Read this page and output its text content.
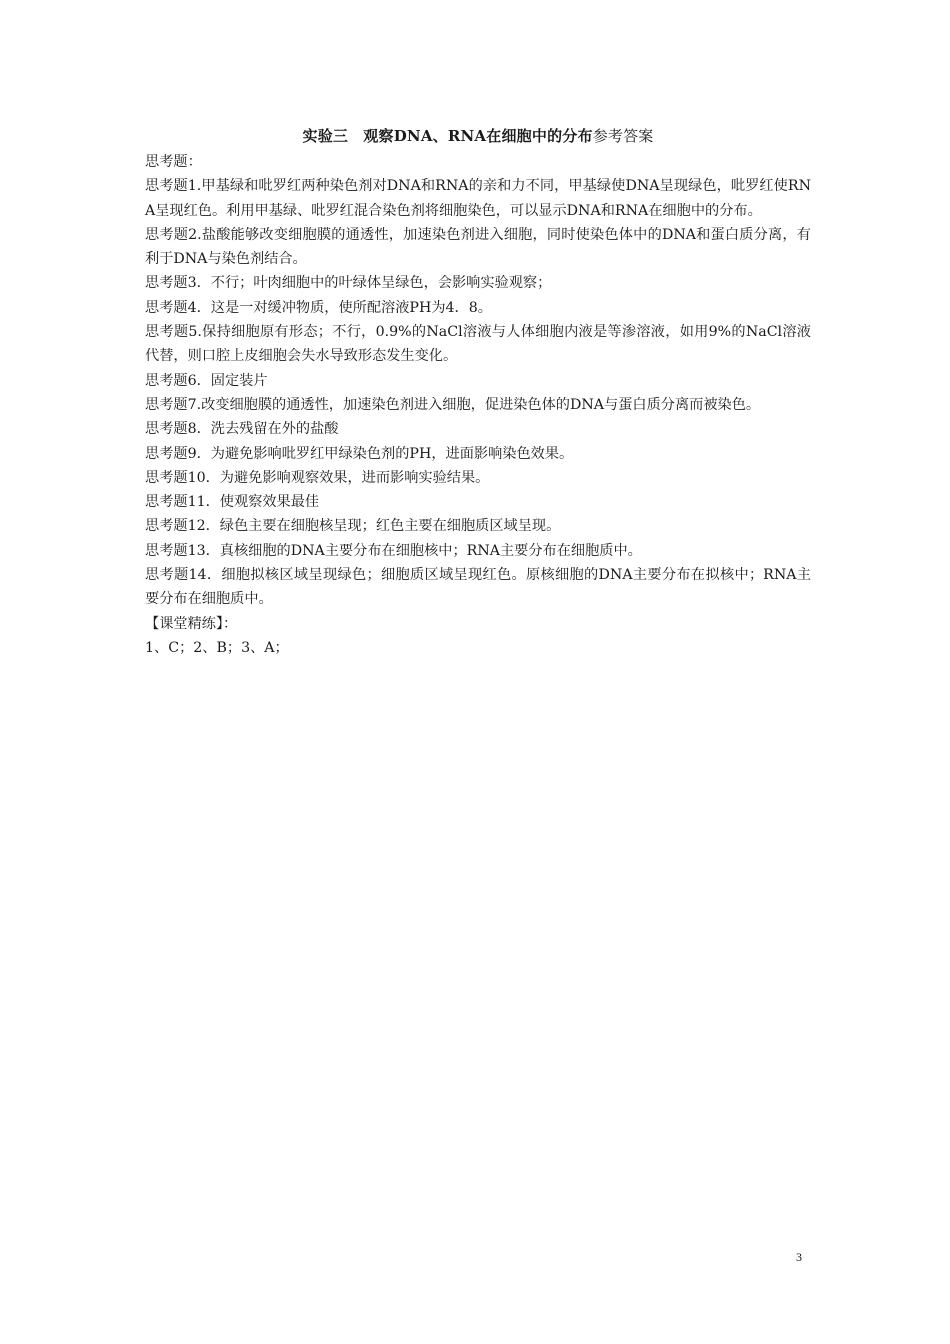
实验三　观察DNA、RNA在细胞中的分布参考答案

思考题：

思考题1.甲基绿和吡罗红两种染色剂对DNA和RNA的亲和力不同，甲基绿使DNA呈现绿色，吡罗红使RNA呈现红色。利用甲基绿、吡罗红混合染色剂将细胞染色，可以显示DNA和RNA在细胞中的分布。

思考题2.盐酸能够改变细胞膜的通透性，加速染色剂进入细胞，同时使染色体中的DNA和蛋白质分离，有利于DNA与染色剂结合。

思考题3．不行；叶肉细胞中的叶绿体呈绿色，会影响实验观察；

思考题4．这是一对缓冲物质，使所配溶液PH为4．8。

思考题5.保持细胞原有形态；不行，0.9%的NaCl溶液与人体细胞内液是等渗溶液，如用9%的NaCl溶液代替，则口腔上皮细胞会失水导致形态发生变化。

思考题6．固定装片

思考题7.改变细胞膜的通透性，加速染色剂进入细胞，促进染色体的DNA与蛋白质分离而被染色。

思考题8．洗去残留在外的盐酸

思考题9．为避免影响吡罗红甲绿染色剂的PH，进面影响染色效果。

思考题10．为避免影响观察效果，进而影响实验结果。

思考题11．使观察效果最佳

思考题12．绿色主要在细胞核呈现；红色主要在细胞质区域呈现。

思考题13．真核细胞的DNA主要分布在细胞核中；RNA主要分布在细胞质中。

思考题14．细胞拟核区域呈现绿色；细胞质区域呈现红色。原核细胞的DNA主要分布在拟核中；RNA主要分布在细胞质中。

【课堂精练】：

1、C；2、B；3、A；

3
